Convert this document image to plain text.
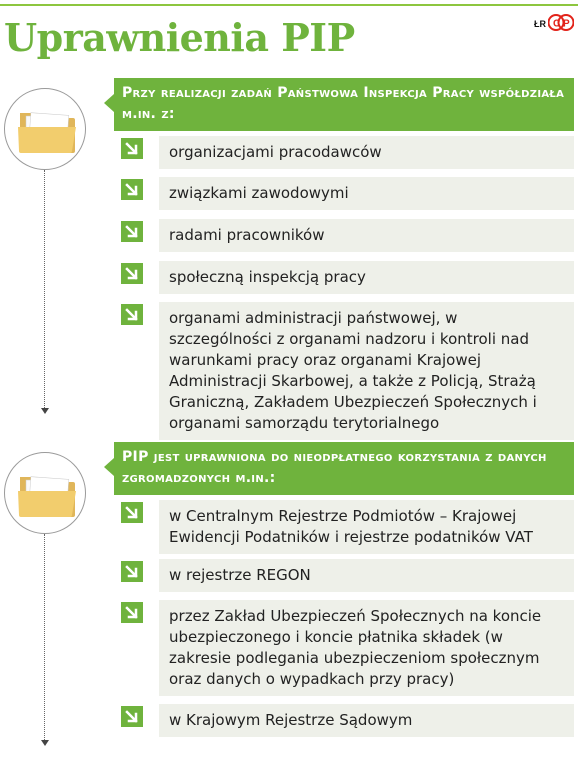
Uprawnienia PIP	ŁR C P
Przy realizacji zadań Państwowa Inspekcja Pracy współdziała m.in. z:
organizacjami pracodawców
związkami zawodowymi
radami pracowników
społeczną inspekcją pracy
organami administracji państwowej, w szczególności z organami nadzoru i kontroli nad warunkami pracy oraz organami Krajowej Administracji Skarbowej, a także z Policją, Strażą Graniczną, Zakładem Ubezpieczeń Społecznych i organami samorządu terytorialnego
PIP jest uprawniona do nieodpłatnego korzystania z danych zgromadzonych m.in.:
w Centralnym Rejestrze Podmiotów – Krajowej Ewidencji Podatników i rejestrze podatników VAT
w rejestrze REGON
przez Zakład Ubezpieczeń Społecznych na koncie ubezpieczonego i koncie płatnika składek (w zakresie podlegania ubezpieczeniom społecznym oraz danych o wypadkach przy pracy)
w Krajowym Rejestrze Sądowym
